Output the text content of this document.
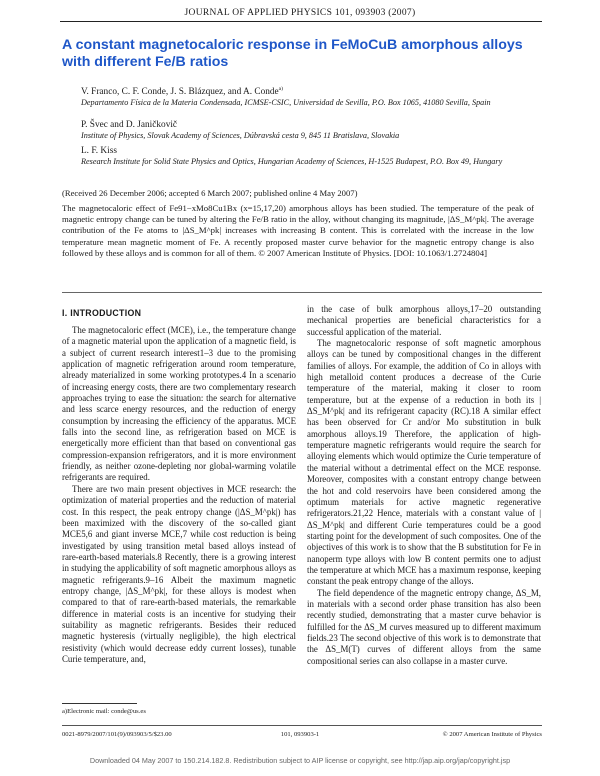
JOURNAL OF APPLIED PHYSICS 101, 093903 (2007)
A constant magnetocaloric response in FeMoCuB amorphous alloys with different Fe/B ratios
V. Franco, C. F. Conde, J. S. Blázquez, and A. Conde$^{a)}$
Departamento Física de la Materia Condensada, ICMSE-CSIC, Universidad de Sevilla, P.O. Box 1065, 41080 Sevilla, Spain
P. Švec and D. Janičkovič
Institute of Physics, Slovak Academy of Sciences, Dúbravská cesta 9, 845 11 Bratislava, Slovakia
L. F. Kiss
Research Institute for Solid State Physics and Optics, Hungarian Academy of Sciences, H-1525 Budapest, P.O. Box 49, Hungary
(Received 26 December 2006; accepted 6 March 2007; published online 4 May 2007)
The magnetocaloric effect of Fe91−xMo8Cu1Bx (x=15,17,20) amorphous alloys has been studied. The temperature of the peak of magnetic entropy change can be tuned by altering the Fe/B ratio in the alloy, without changing its magnitude, |ΔS_M^pk|. The average contribution of the Fe atoms to |ΔS_M^pk| increases with increasing B content. This is correlated with the increase in the low temperature mean magnetic moment of Fe. A recently proposed master curve behavior for the magnetic entropy change is also followed by these alloys and is common for all of them. © 2007 American Institute of Physics. [DOI: 10.1063/1.2724804]
I. INTRODUCTION

The magnetocaloric effect (MCE), i.e., the temperature change of a magnetic material upon the application of a magnetic field, is a subject of current research interest1–3 due to the promising application of magnetic refrigeration around room temperature, already materialized in some working prototypes.4 In a scenario of increasing energy costs, there are two complementary research approaches trying to ease the situation: the search for alternative and less scarce energy resources, and the reduction of energy consumption by increasing the efficiency of the apparatus. MCE falls into the second line, as refrigeration based on MCE is energetically more efficient than that based on conventional gas compression-expansion refrigerators, and it is more environment friendly, as neither ozone-depleting nor global-warming volatile refrigerants are required.

There are two main present objectives in MCE research: the optimization of material properties and the reduction of material cost. In this respect, the peak entropy change (|ΔS_M^pk|) has been maximized with the discovery of the so-called giant MCE5,6 and giant inverse MCE,7 while cost reduction is being investigated by using transition metal based alloys instead of rare-earth-based materials.8 Recently, there is a growing interest in studying the applicability of soft magnetic amorphous alloys as magnetic refrigerants.9–16 Albeit the maximum magnetic entropy change, |ΔS_M^pk|, for these alloys is modest when compared to that of rare-earth-based materials, the remarkable difference in material costs is an incentive for studying their suitability as magnetic refrigerants. Besides their reduced magnetic hysteresis (virtually negligible), the high electrical resistivity (which would decrease eddy current losses), tunable Curie temperature, and,

in the case of bulk amorphous alloys,17–20 outstanding mechanical properties are beneficial characteristics for a successful application of the material.

The magnetocaloric response of soft magnetic amorphous alloys can be tuned by compositional changes in the different families of alloys. For example, the addition of Co in alloys with high metalloid content produces a decrease of the Curie temperature of the material, making it closer to room temperature, but at the expense of a reduction in both its |ΔS_M^pk| and its refrigerant capacity (RC).18 A similar effect has been observed for Cr and/or Mo substitution in bulk amorphous alloys.19 Therefore, the application of high-temperature magnetic refrigerants would require the search for alloying elements which would optimize the Curie temperature of the material without a detrimental effect on the MCE response. Moreover, composites with a constant entropy change between the hot and cold reservoirs have been considered among the optimum materials for active magnetic regenerative refrigerators.21,22 Hence, materials with a constant value of |ΔS_M^pk| and different Curie temperatures could be a good starting point for the development of such composites. One of the objectives of this work is to show that the B substitution for Fe in nanoperm type alloys with low B content permits one to adjust the temperature at which MCE has a maximum response, keeping constant the peak entropy change of the alloys.

The field dependence of the magnetic entropy change, ΔS_M, in materials with a second order phase transition has also been recently studied, demonstrating that a master curve behavior is fulfilled for the ΔS_M curves measured up to different maximum fields.23 The second objective of this work is to demonstrate that the ΔS_M(T) curves of different alloys from the same compositional series can also collapse in a master curve.

a)Electronic mail: conde@us.es
0021-8979/2007/101(9)/093903/5/$23.00	101, 093903-1	© 2007 American Institute of Physics
Downloaded 04 May 2007 to 150.214.182.8. Redistribution subject to AIP license or copyright, see http://jap.aip.org/jap/copyright.jsp
